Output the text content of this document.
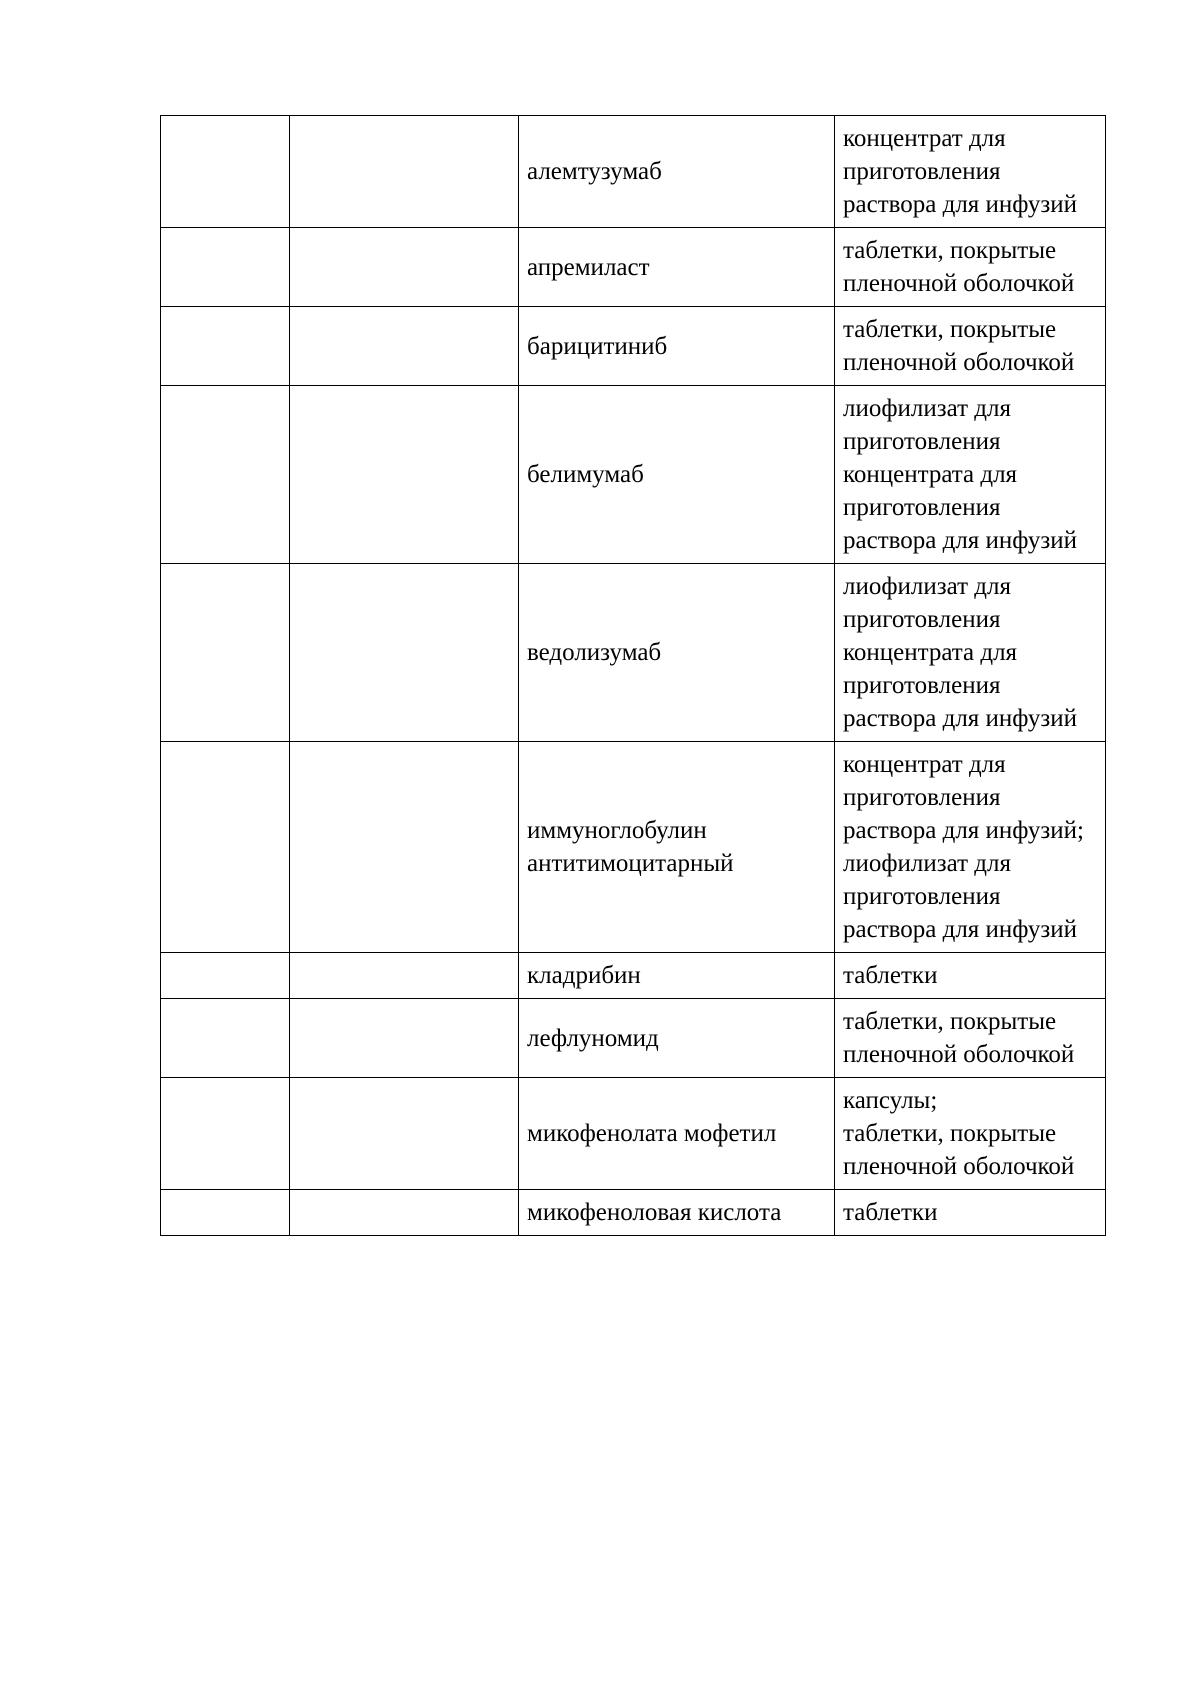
		алемтузумаб	концентрат для приготовления раствора для инфузий

		апремиласт	таблетки, покрытые пленочной оболочкой

		барицитиниб	таблетки, покрытые пленочной оболочкой

		белимумаб	лиофилизат для приготовления концентрата для приготовления раствора для инфузий

		ведолизумаб	лиофилизат для приготовления концентрата для приготовления раствора для инфузий

		иммуноглобулин антитимоцитарный	концентрат для приготовления раствора для инфузий;
лиофилизат для приготовления раствора для инфузий

		кладрибин	таблетки

		лефлуномид	таблетки, покрытые пленочной оболочкой

		микофенолата мофетил	капсулы;
таблетки, покрытые пленочной оболочкой

		микофеноловая кислота	таблетки
